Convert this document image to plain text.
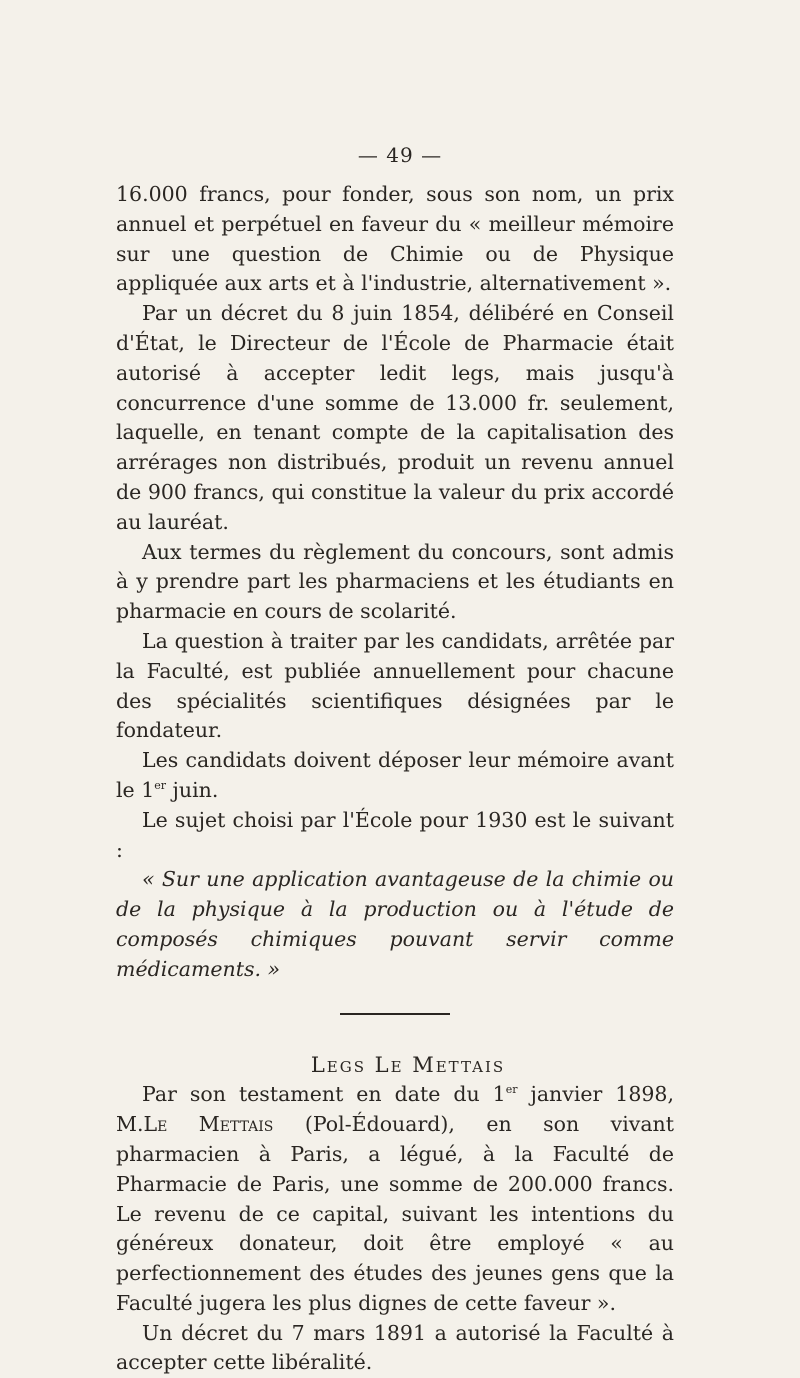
— 49 —

16.000 francs, pour fonder, sous son nom, un prix annuel et perpétuel en faveur du « meilleur mémoire sur une question de Chimie ou de Physique appliquée aux arts et à l'industrie, alternativement ».

Par un décret du 8 juin 1854, délibéré en Conseil d'État, le Directeur de l'École de Pharmacie était autorisé à accepter ledit legs, mais jusqu'à concurrence d'une somme de 13.000 fr. seulement, laquelle, en tenant compte de la capitalisation des arrérages non distribués, produit un revenu annuel de 900 francs, qui constitue la valeur du prix accordé au lauréat.

Aux termes du règlement du concours, sont admis à y prendre part les pharmaciens et les étudiants en pharmacie en cours de scolarité.

La question à traiter par les candidats, arrêtée par la Faculté, est publiée annuellement pour chacune des spécialités scientifiques désignées par le fondateur.

Les candidats doivent déposer leur mémoire avant le 1er juin.

Le sujet choisi par l'École pour 1930 est le suivant :

« Sur une application avantageuse de la chimie ou de la physique à la production ou à l'étude de composés chimiques pouvant servir comme médicaments. »

Legs Le Mettais

Par son testament en date du 1er janvier 1898, M.Le Mettais (Pol-Édouard), en son vivant pharmacien à Paris, a légué, à la Faculté de Pharmacie de Paris, une somme de 200.000 francs. Le revenu de ce capital, suivant les intentions du généreux donateur, doit être employé « au perfectionnement des études des jeunes gens que la Faculté jugera les plus dignes de cette faveur ».

Un décret du 7 mars 1891 a autorisé la Faculté à accepter cette libéralité.
